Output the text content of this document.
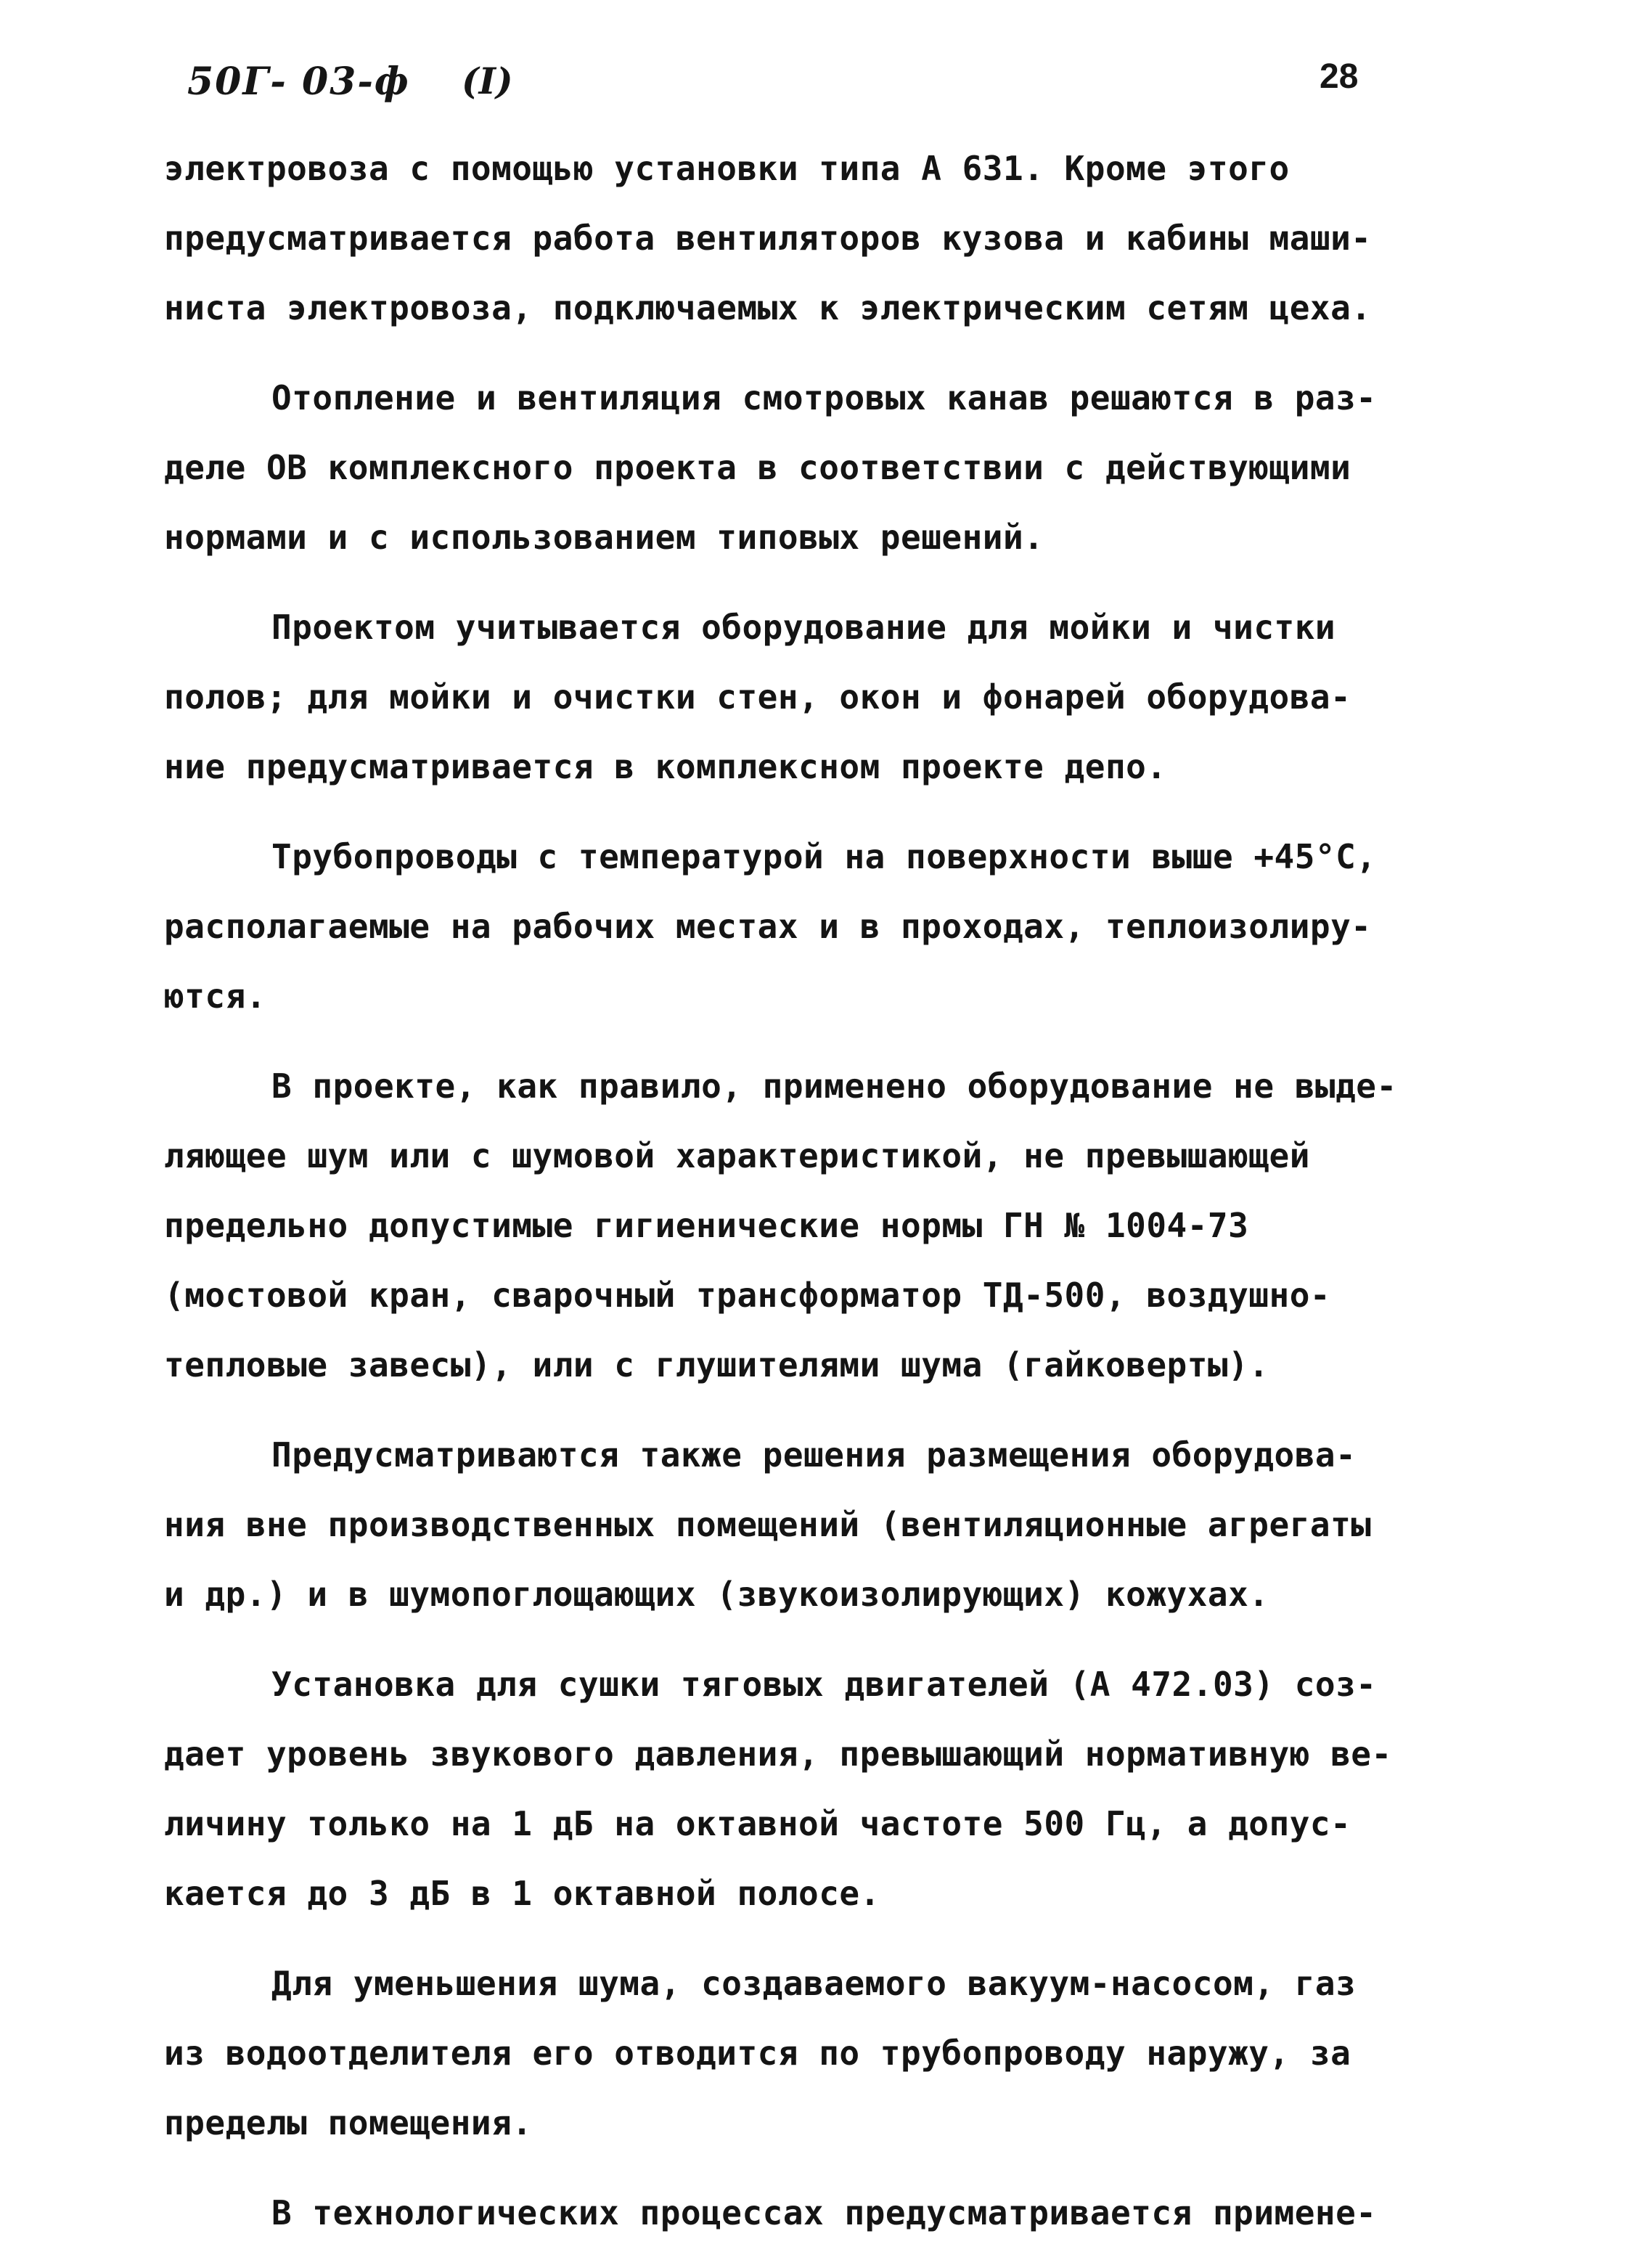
50Г- 03-ф (I)	28
электровоза с помощью установки типа А 631. Кроме этого
предусматривается работа вентиляторов кузова и кабины маши-
ниста электровоза, подключаемых к электрическим сетям цеха.
Отопление и вентиляция смотровых канав решаются в раз-
деле ОВ комплексного проекта в соответствии с действующими
нормами и с использованием типовых решений.
Проектом учитывается оборудование для мойки и чистки
полов; для мойки и очистки стен, окон и фонарей оборудова-
ние предусматривается в комплексном проекте депо.
Трубопроводы с температурой на поверхности выше +45°С,
располагаемые на рабочих местах и в проходах, теплоизолиру-
ются.
В проекте, как правило, применено оборудование не выде-
ляющее шум или с шумовой характеристикой, не превышающей
предельно допустимые гигиенические нормы ГН № 1004-73
(мостовой кран, сварочный трансформатор ТД-500, воздушно-
тепловые завесы), или с глушителями шума (гайковерты).
Предусматриваются также решения размещения оборудова-
ния вне производственных помещений (вентиляционные агрегаты
и др.) и в шумопоглощающих (звукоизолирующих) кожухах.
Установка для сушки тяговых двигателей (А 472.03) соз-
дает уровень звукового давления, превышающий нормативную ве-
личину только на 1 дБ на октавной частоте 500 Гц, а допус-
кается до 3 дБ в 1 октавной полосе.
Для уменьшения шума, создаваемого вакуум-насосом, газ
из водоотделителя его отводится по трубопроводу наружу, за
пределы помещения.
В технологических процессах предусматривается примене-
